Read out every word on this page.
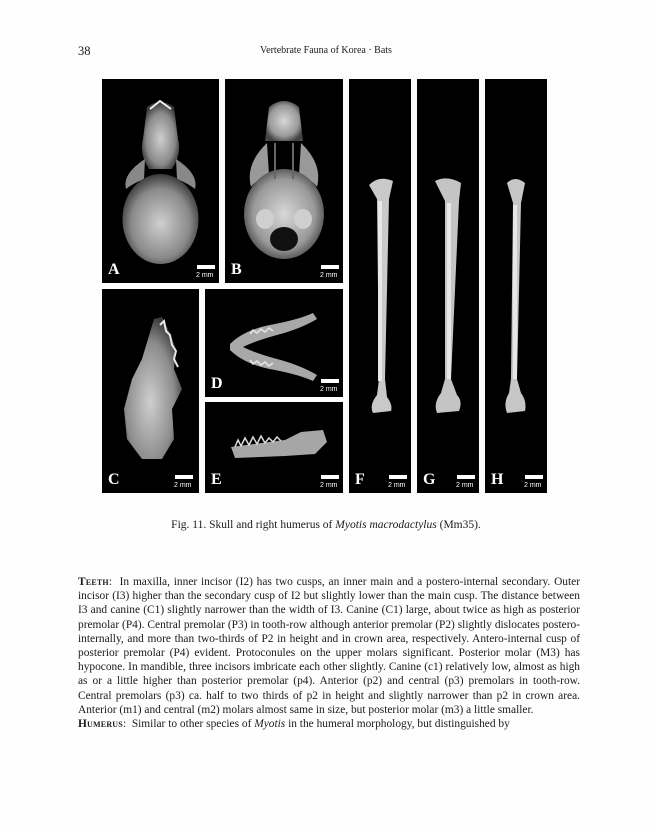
38	Vertebrate Fauna of Korea · Bats
A	2 mm B	2 mm
C	2 mm
D	2 mm
E	2 mm F	2 mm G	2 mm H	2 mm
Fig. 11. Skull and right humerus of Myotis macrodactylus (Mm35).

Teeth: In maxilla, inner incisor (I2) has two cusps, an inner main and a postero-internal secondary. Outer incisor (I3) higher than the secondary cusp of I2 but slightly lower than the main cusp. The distance between I3 and canine (C1) slightly narrower than the width of I3. Canine (C1) large, about twice as high as posterior premolar (P4). Central premolar (P3) in tooth-row although anterior premolar (P2) slightly dislocates postero-internally, and more than two-thirds of P2 in height and in crown area, respectively. Antero-internal cusp of posterior premolar (P4) evident. Protoconules on the upper molars significant. Posterior molar (M3) has hypocone. In mandible, three incisors imbricate each other slightly. Canine (c1) relatively low, almost as high as or a little higher than posterior premolar (p4). Anterior (p2) and central (p3) premolars in tooth-row. Central premolars (p3) ca. half to two thirds of p2 in height and slightly narrower than p2 in crown area. Anterior (m1) and central (m2) molars almost same in size, but posterior molar (m3) a little smaller.

Humerus: Similar to other species of Myotis in the humeral morphology, but distinguished by
